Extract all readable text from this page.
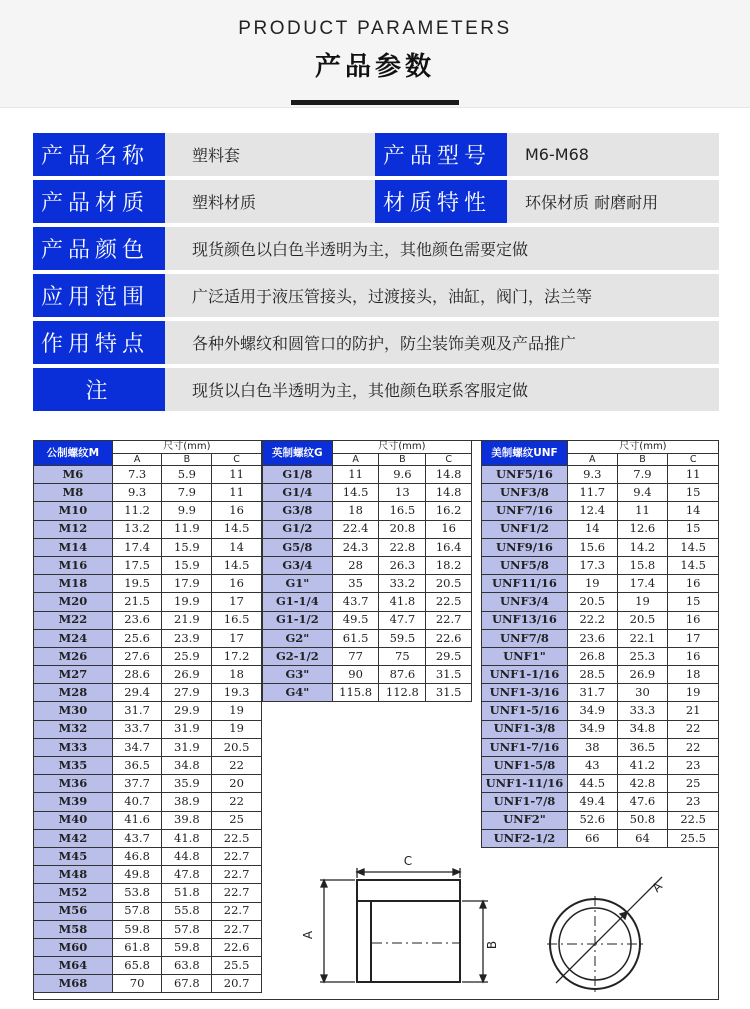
PRODUCT PARAMETERS
产品参数
产品名称	塑料套	产品型号	M6-M68
产品材质	塑料材质	材质特性	环保材质 耐磨耐用
产品颜色	现货颜色以白色半透明为主，其他颜色需要定做
应用范围	广泛适用于液压管接头，过渡接头，油缸，阀门，法兰等
作用特点	各种外螺纹和圆管口的防护，防尘装饰美观及产品推广
注	现货以白色半透明为主，其他颜色联系客服定做
公制螺纹M	尺寸(mm)		
	A	B	C
M6	7.3	5.9	11
M8	9.3	7.9	11
M10	11.2	9.9	16
M12	13.2	11.9	14.5
M14	17.4	15.9	14
M16	17.5	15.9	14.5
M18	19.5	17.9	16
M20	21.5	19.9	17
M22	23.6	21.9	16.5
M24	25.6	23.9	17
M26	27.6	25.9	17.2
M27	28.6	26.9	18
M28	29.4	27.9	19.3
M30	31.7	29.9	19
M32	33.7	31.9	19
M33	34.7	31.9	20.5
M35	36.5	34.8	22
M36	37.7	35.9	20
M39	40.7	38.9	22
M40	41.6	39.8	25
M42	43.7	41.8	22.5
M45	46.8	44.8	22.7
M48	49.8	47.8	22.7
M52	53.8	51.8	22.7
M56	57.8	55.8	22.7
M58	59.8	57.8	22.7
M60	61.8	59.8	22.6
M64	65.8	63.8	25.5
M68	70	67.8	20.7
英制螺纹G	尺寸(mm)		
	A	B	C
G1/8	11	9.6	14.8
G1/4	14.5	13	14.8
G3/8	18	16.5	16.2
G1/2	22.4	20.8	16
G5/8	24.3	22.8	16.4
G3/4	28	26.3	18.2
G1"	35	33.2	20.5
G1-1/4	43.7	41.8	22.5
G1-1/2	49.5	47.7	22.7
G2"	61.5	59.5	22.6
G2-1/2	77	75	29.5
G3"	90	87.6	31.5
G4"	115.8	112.8	31.5
美制螺纹UNF	尺寸(mm)		
	A	B	C
UNF5/16	9.3	7.9	11
UNF3/8	11.7	9.4	15
UNF7/16	12.4	11	14
UNF1/2	14	12.6	15
UNF9/16	15.6	14.2	14.5
UNF5/8	17.3	15.8	14.5
UNF11/16	19	17.4	16
UNF3/4	20.5	19	15
UNF13/16	22.2	20.5	16
UNF7/8	23.6	22.1	17
UNF1"	26.8	25.3	16
UNF1-1/16	28.5	26.9	18
UNF1-3/16	31.7	30	19
UNF1-5/16	34.9	33.3	21
UNF1-3/8	34.9	34.8	22
UNF1-7/16	38	36.5	22
UNF1-5/8	43	41.2	23
UNF1-11/16	44.5	42.8	25
UNF1-7/8	49.4	47.6	23
UNF2"	52.6	50.8	22.5
UNF2-1/2	66	64	25.5
C
A
B
A
